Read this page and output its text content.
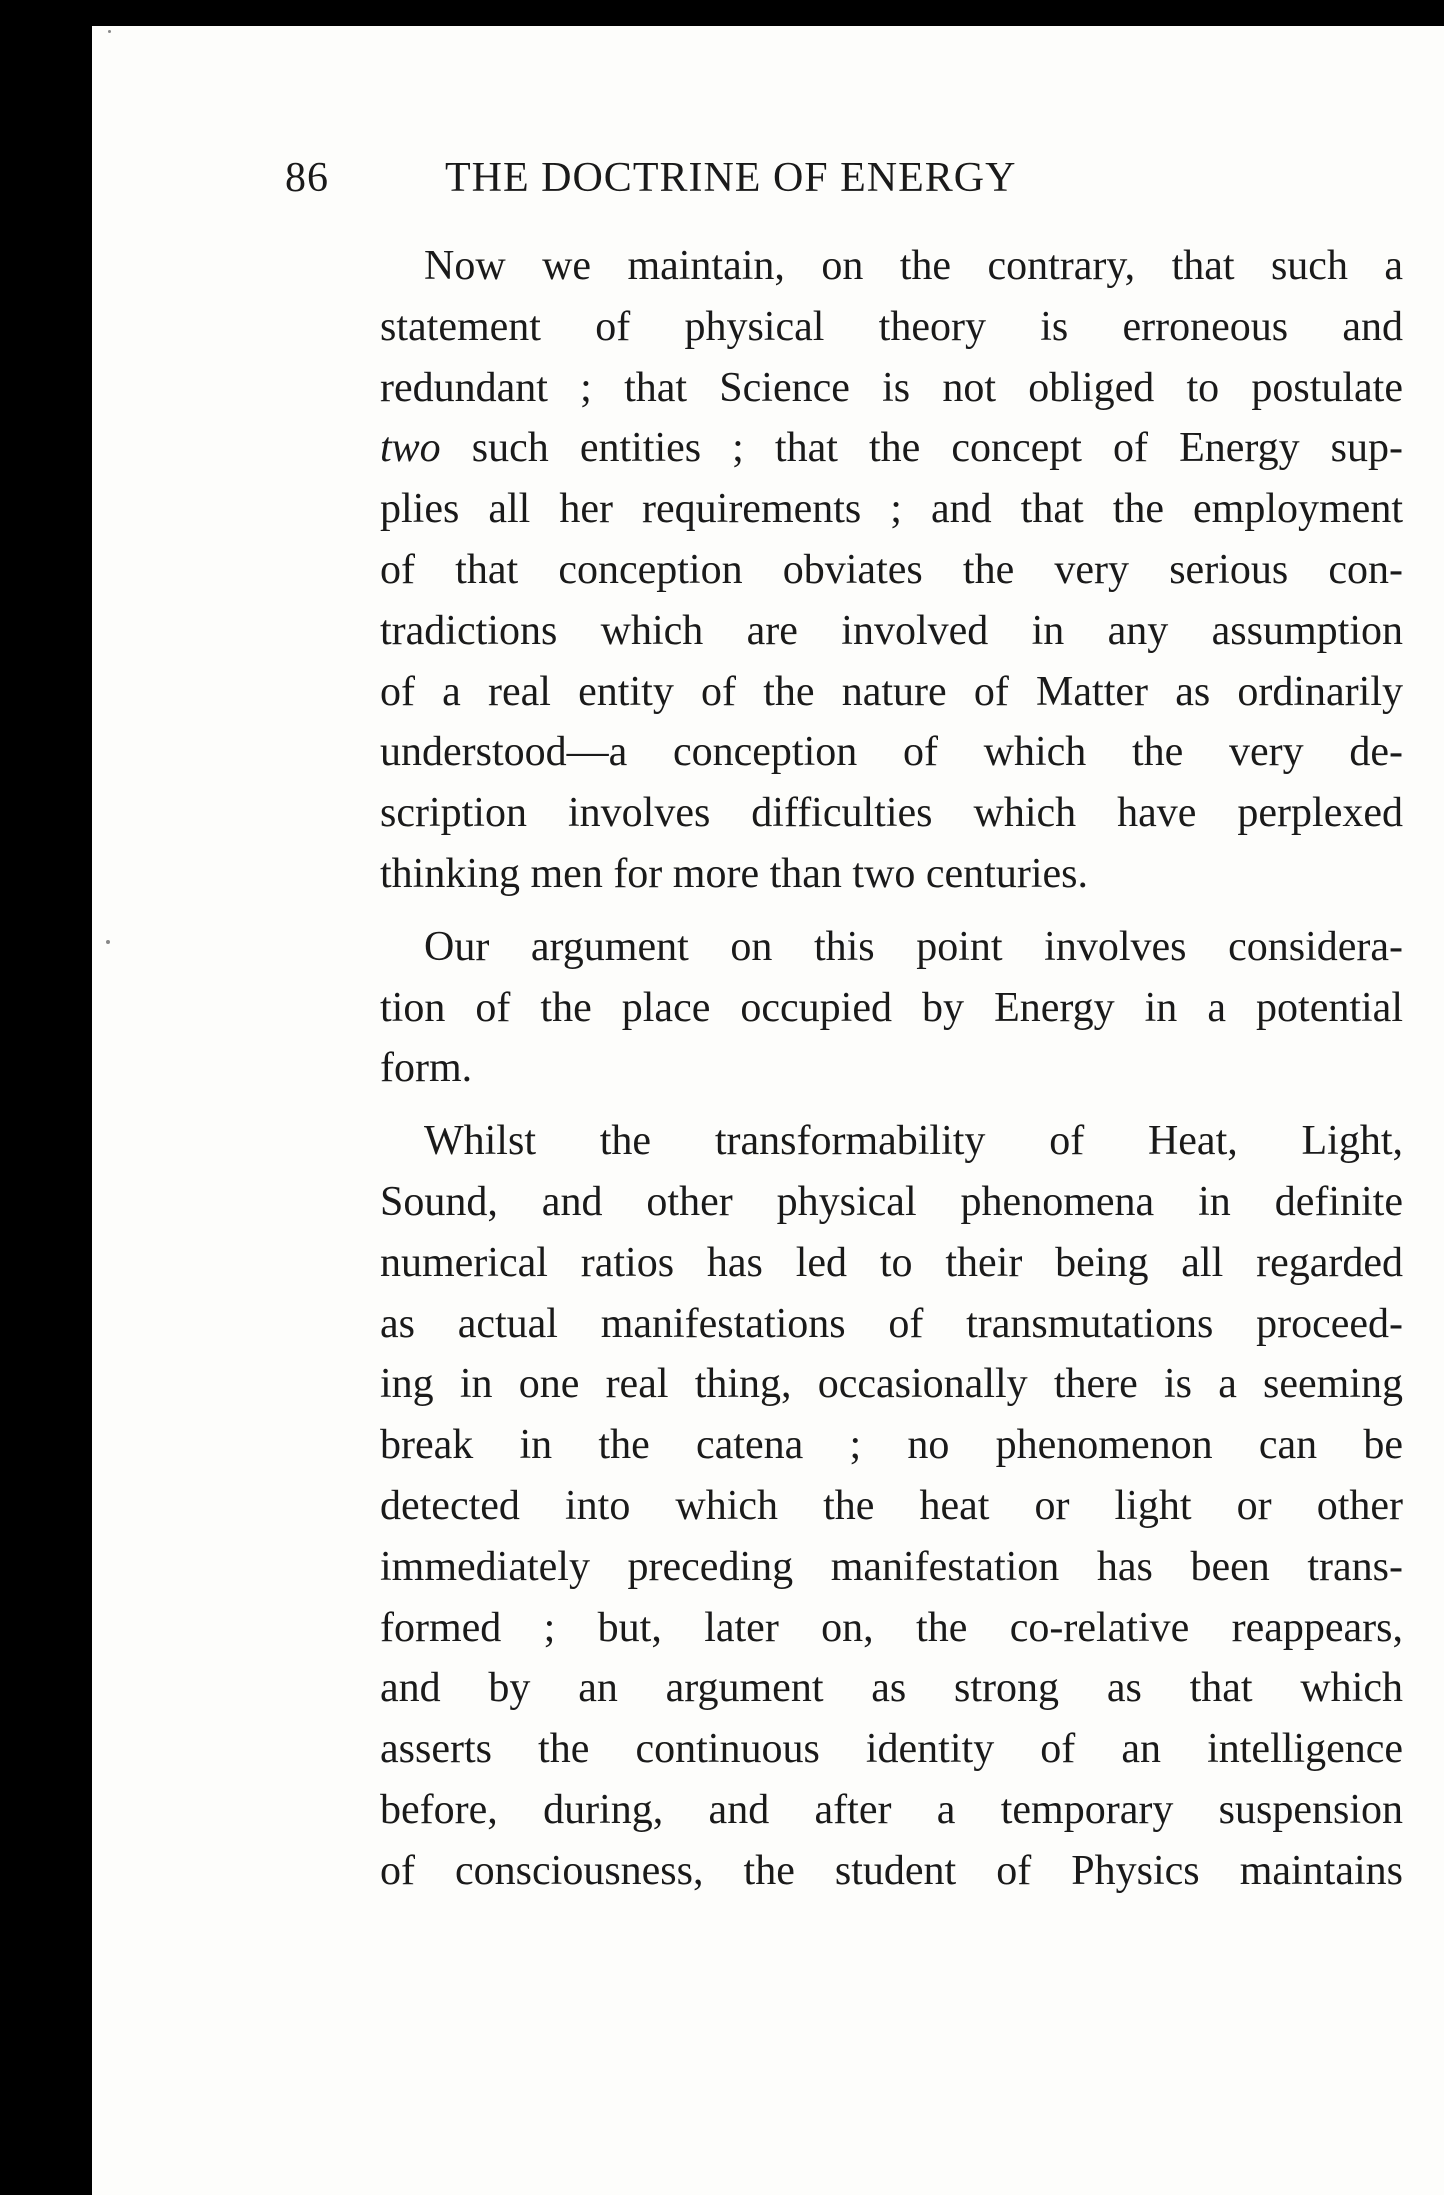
86	THE DOCTRINE OF ENERGY
Now we maintain, on the contrary, that such a
statement of physical theory is erroneous and
redundant ; that Science is not obliged to postulate
two such entities ; that the concept of Energy sup-
plies all her requirements ; and that the employment
of that conception obviates the very serious con-
tradictions which are involved in any assumption
of a real entity of the nature of Matter as ordinarily
understood—a conception of which the very de-
scription involves difficulties which have perplexed
thinking men for more than two centuries.
Our argument on this point involves considera-
tion of the place occupied by Energy in a potential
form.
Whilst the transformability of Heat, Light,
Sound, and other physical phenomena in definite
numerical ratios has led to their being all regarded
as actual manifestations of transmutations proceed-
ing in one real thing, occasionally there is a seeming
break in the catena ; no phenomenon can be
detected into which the heat or light or other
immediately preceding manifestation has been trans-
formed ; but, later on, the co-relative reappears,
and by an argument as strong as that which
asserts the continuous identity of an intelligence
before, during, and after a temporary suspension
of consciousness, the student of Physics maintains
